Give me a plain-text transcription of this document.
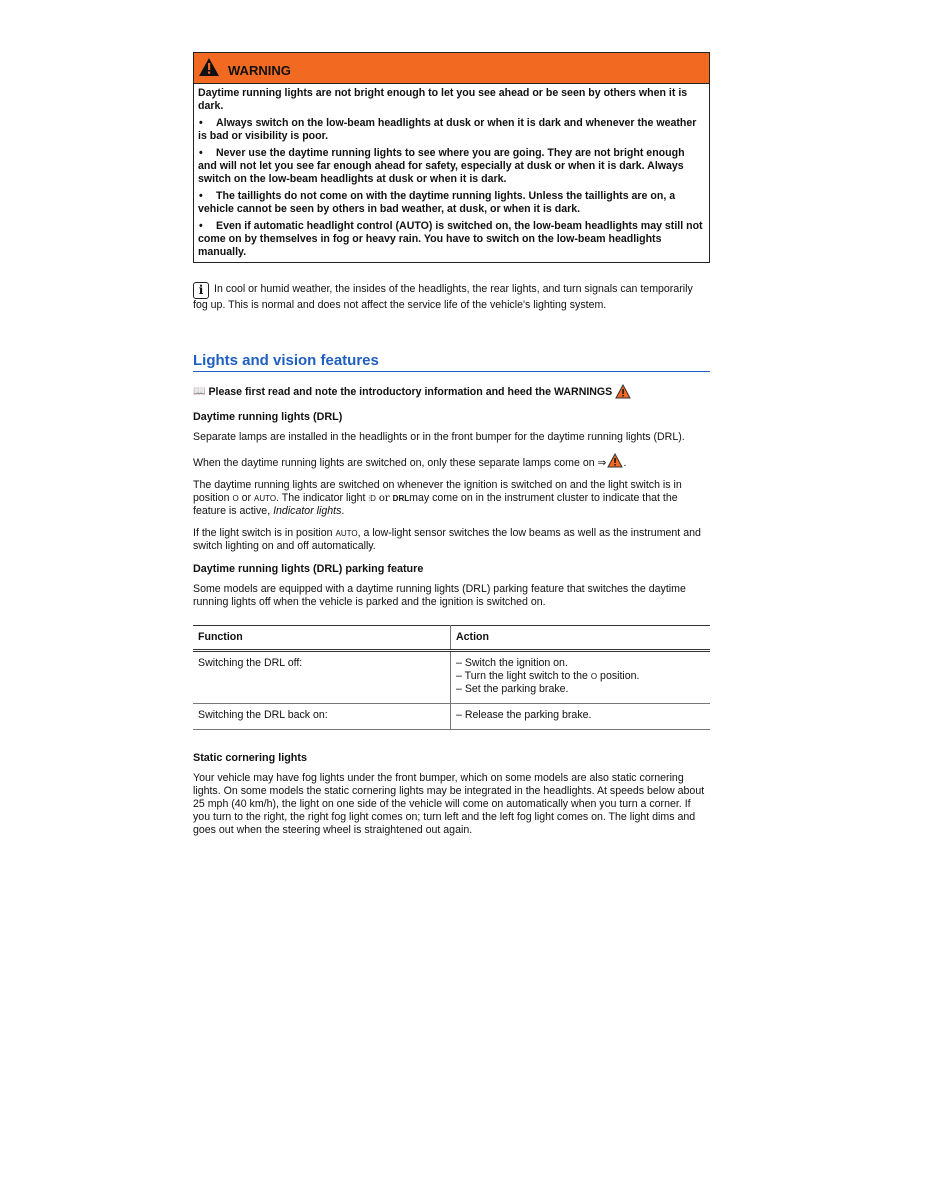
WARNING

Daytime running lights are not bright enough to let you see ahead or be seen by others when it is dark.

• Always switch on the low-beam headlights at dusk or when it is dark and whenever the weather is bad or visibility is poor.

• Never use the daytime running lights to see where you are going. They are not bright enough and will not let you see far enough ahead for safety, especially at dusk or when it is dark. Always switch on the low-beam headlights at dusk or when it is dark.

• The taillights do not come on with the daytime running lights. Unless the taillights are on, a vehicle cannot be seen by others in bad weather, at dusk, or when it is dark.

• Even if automatic headlight control (AUTO) is switched on, the low-beam headlights may still not come on by themselves in fog or heavy rain. You have to switch on the low-beam headlights manually.

i In cool or humid weather, the insides of the headlights, the rear lights, and turn signals can temporarily fog up. This is normal and does not affect the service life of the vehicle's lighting system.
Lights and vision features
📖 Please first read and note the introductory information and heed the WARNINGS
Daytime running lights (DRL)

Separate lamps are installed in the headlights or in the front bumper for the daytime running lights (DRL).

When the daytime running lights are switched on, only these separate lamps come on ⇒ .

The daytime running lights are switched on whenever the ignition is switched on and the light switch is in position O or AUTO. The indicator light ⦙D or DRLmay come on in the instrument cluster to indicate that the feature is active, Indicator lights.

If the light switch is in position AUTO, a low-light sensor switches the low beams as well as the instrument and switch lighting on and off automatically.

Daytime running lights (DRL) parking feature

Some models are equipped with a daytime running lights (DRL) parking feature that switches the daytime running lights off when the vehicle is parked and the ignition is switched on.

Function	Action
Switching the DRL off:	– Switch the ignition on.
– Turn the light switch to the O position.
– Set the parking brake.

Switching the DRL back on:	– Release the parking brake.
Static cornering lights

Your vehicle may have fog lights under the front bumper, which on some models are also static cornering lights. On some models the static cornering lights may be integrated in the headlights. At speeds below about 25 mph (40 km/h), the light on one side of the vehicle will come on automatically when you turn a corner. If you turn to the right, the right fog light comes on; turn left and the left fog light comes on. The light dims and goes out when the steering wheel is straightened out again.
